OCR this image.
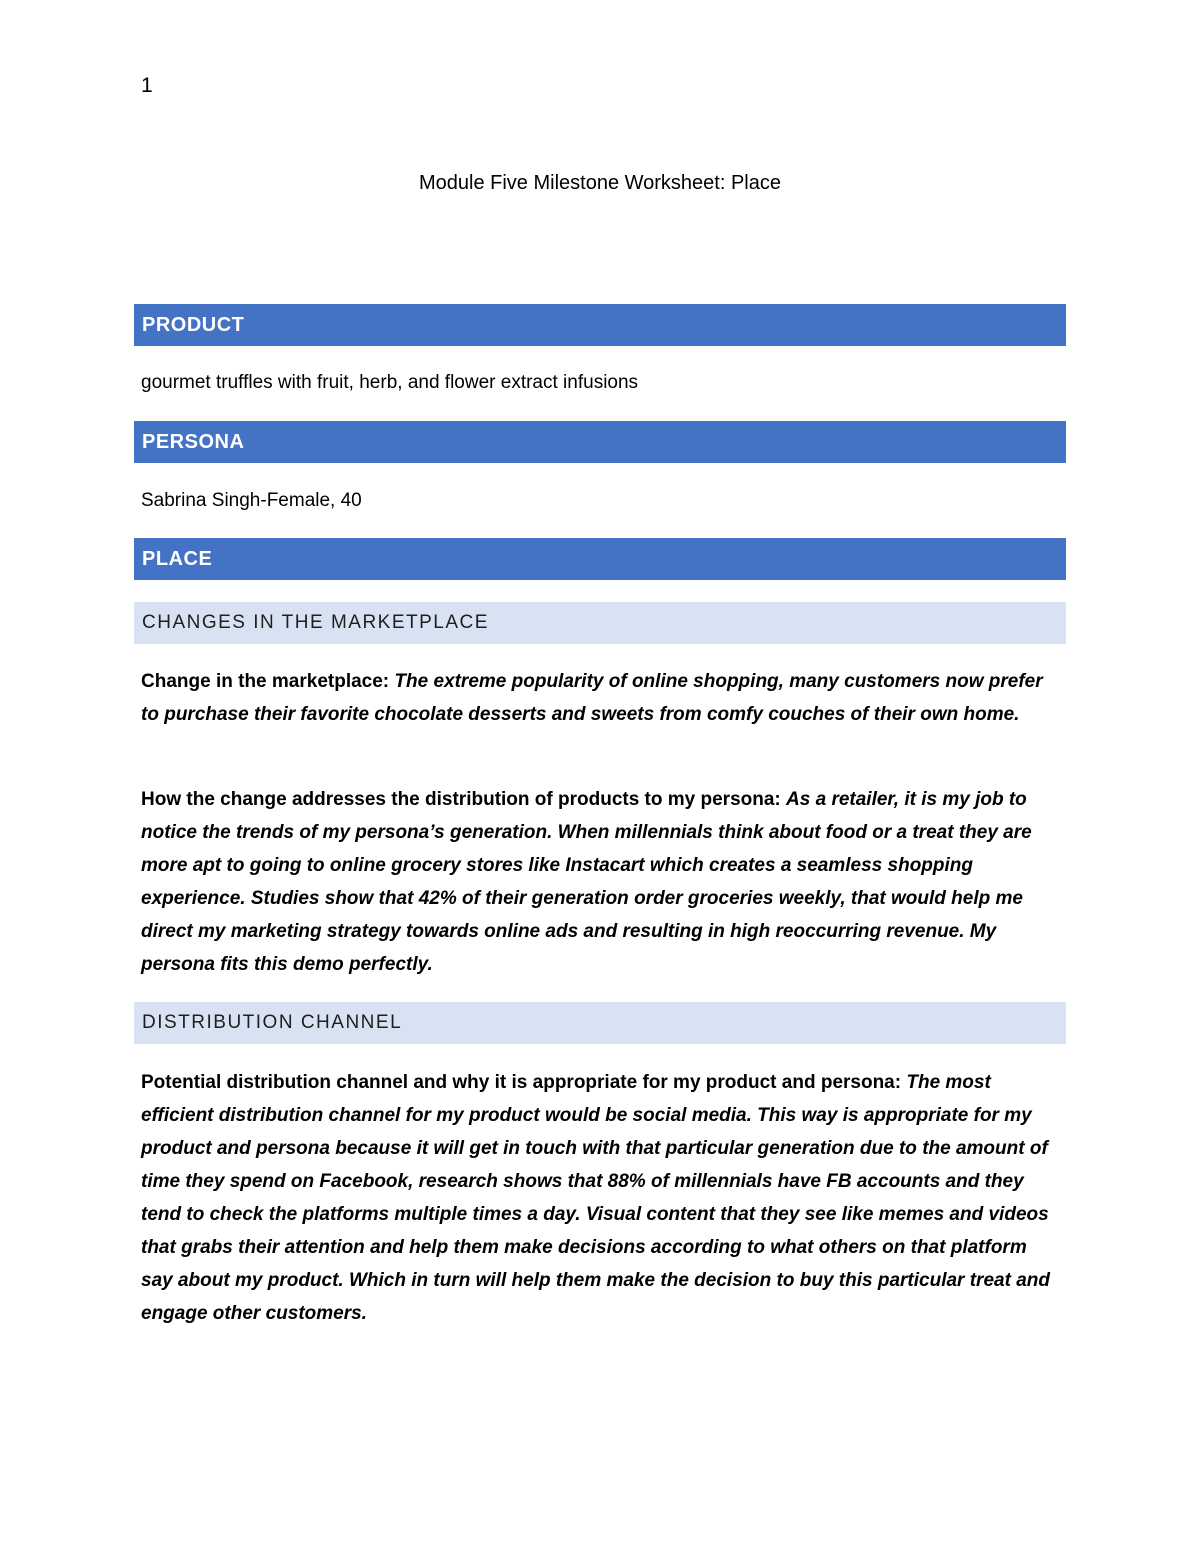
1
Module Five Milestone Worksheet: Place
PRODUCT
gourmet truffles with fruit, herb, and flower extract infusions
PERSONA
Sabrina Singh-Female, 40
PLACE
CHANGES IN THE MARKETPLACE

Change in the marketplace: The extreme popularity of online shopping, many customers now prefer to purchase their favorite chocolate desserts and sweets from comfy couches of their own home.

How the change addresses the distribution of products to my persona: As a retailer, it is my job to notice the trends of my persona’s generation. When millennials think about food or a treat they are more apt to going to online grocery stores like Instacart which creates a seamless shopping experience. Studies show that 42% of their generation order groceries weekly, that would help me direct my marketing strategy towards online ads and resulting in high reoccurring revenue. My persona fits this demo perfectly.

DISTRIBUTION CHANNEL

Potential distribution channel and why it is appropriate for my product and persona: The most efficient distribution channel for my product would be social media. This way is appropriate for my product and persona because it will get in touch with that particular generation due to the amount of time they spend on Facebook, research shows that 88% of millennials have FB accounts and they tend to check the platforms multiple times a day. Visual content that they see like memes and videos that grabs their attention and help them make decisions according to what others on that platform say about my product. Which in turn will help them make the decision to buy this particular treat and engage other customers.
